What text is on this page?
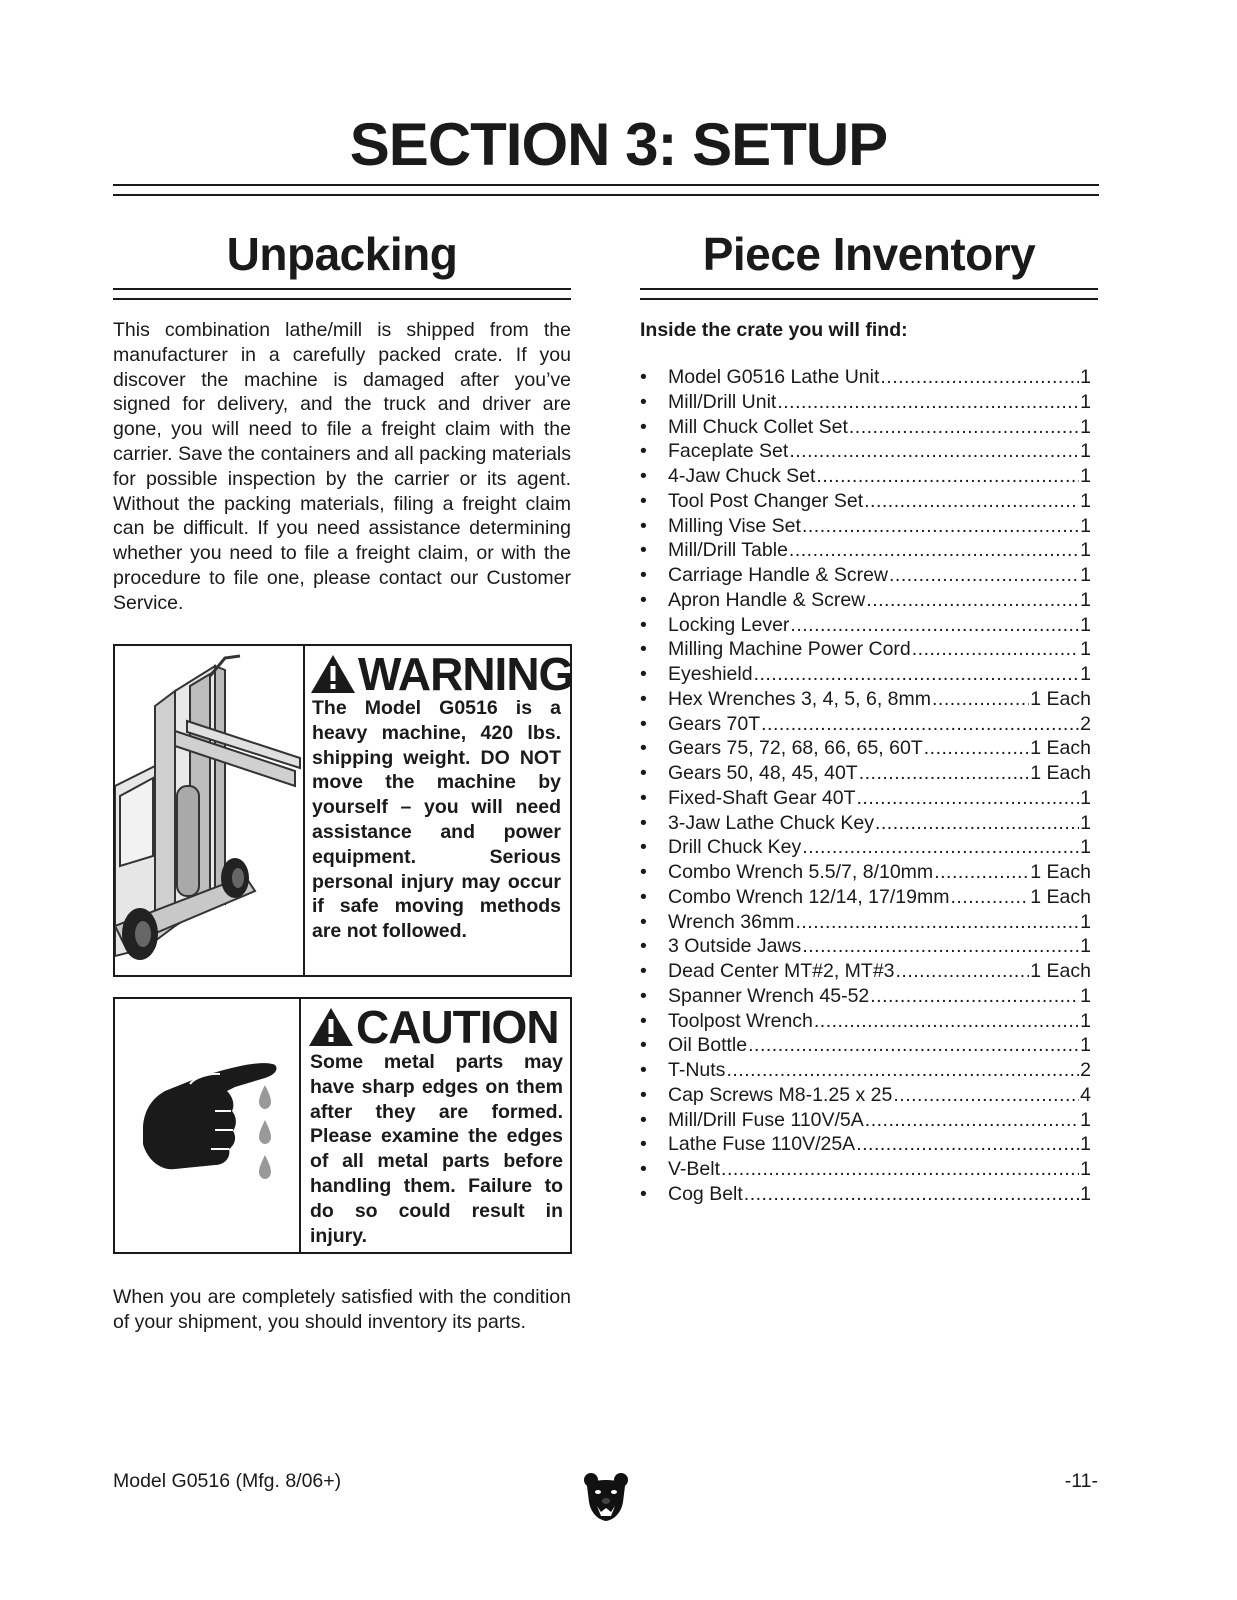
SECTION 3: SETUP
Unpacking
This combination lathe/mill is shipped from the manufacturer in a carefully packed crate. If you discover the machine is damaged after you’ve signed for delivery, and the truck and driver are gone, you will need to file a freight claim with the carrier. Save the containers and all packing materials for possible inspection by the carrier or its agent. Without the packing materials, filing a freight claim can be difficult. If you need assistance determining whether you need to file a freight claim, or with the procedure to file one, please contact our Customer Service.
WARNING
The Model G0516 is a heavy machine, 420 lbs. shipping weight. DO NOT move the machine by yourself – you will need assistance and power equipment. Serious personal injury may occur if safe moving methods are not followed.
CAUTION
Some metal parts may have sharp edges on them after they are formed. Please examine the edges of all metal parts before handling them. Failure to do so could result in injury.
When you are completely satisfied with the condition of your shipment, you should inventory its parts.
Piece Inventory
Inside the crate you will find:
•	Model G0516 Lathe Unit .....	1
•	Mill/Drill Unit .....	1
•	Mill Chuck Collet Set .....	1
•	Faceplate Set .....	1
•	4-Jaw Chuck Set .....	1
•	Tool Post Changer Set .....	1
•	Milling Vise Set .....	1
•	Mill/Drill Table .....	1
•	Carriage Handle & Screw .....	1
•	Apron Handle & Screw .....	1
•	Locking Lever .....	1
•	Milling Machine Power Cord .....	1
•	Eyeshield .....	1
•	Hex Wrenches 3, 4, 5, 6, 8mm .....	1 Each
•	Gears 70T .....	2
•	Gears 75, 72, 68, 66, 65, 60T .....	1 Each
•	Gears 50, 48, 45, 40T .....	1 Each
•	Fixed-Shaft Gear 40T .....	1
•	3-Jaw Lathe Chuck Key .....	1
•	Drill Chuck Key .....	1
•	Combo Wrench 5.5/7, 8/10mm .....	1 Each
•	Combo Wrench 12/14, 17/19mm .....	1 Each
•	Wrench 36mm .....	1
•	3 Outside Jaws .....	1
•	Dead Center MT#2, MT#3 .....	1 Each
•	Spanner Wrench 45-52 .....	1
•	Toolpost Wrench .....	1
•	Oil Bottle .....	1
•	T-Nuts .....	2
•	Cap Screws M8-1.25 x 25 .....	4
•	Mill/Drill Fuse 110V/5A .....	1
•	Lathe Fuse 110V/25A .....	1
•	V-Belt .....	1
•	Cog Belt .....	1
Model G0516 (Mfg. 8/06+)	-11-
